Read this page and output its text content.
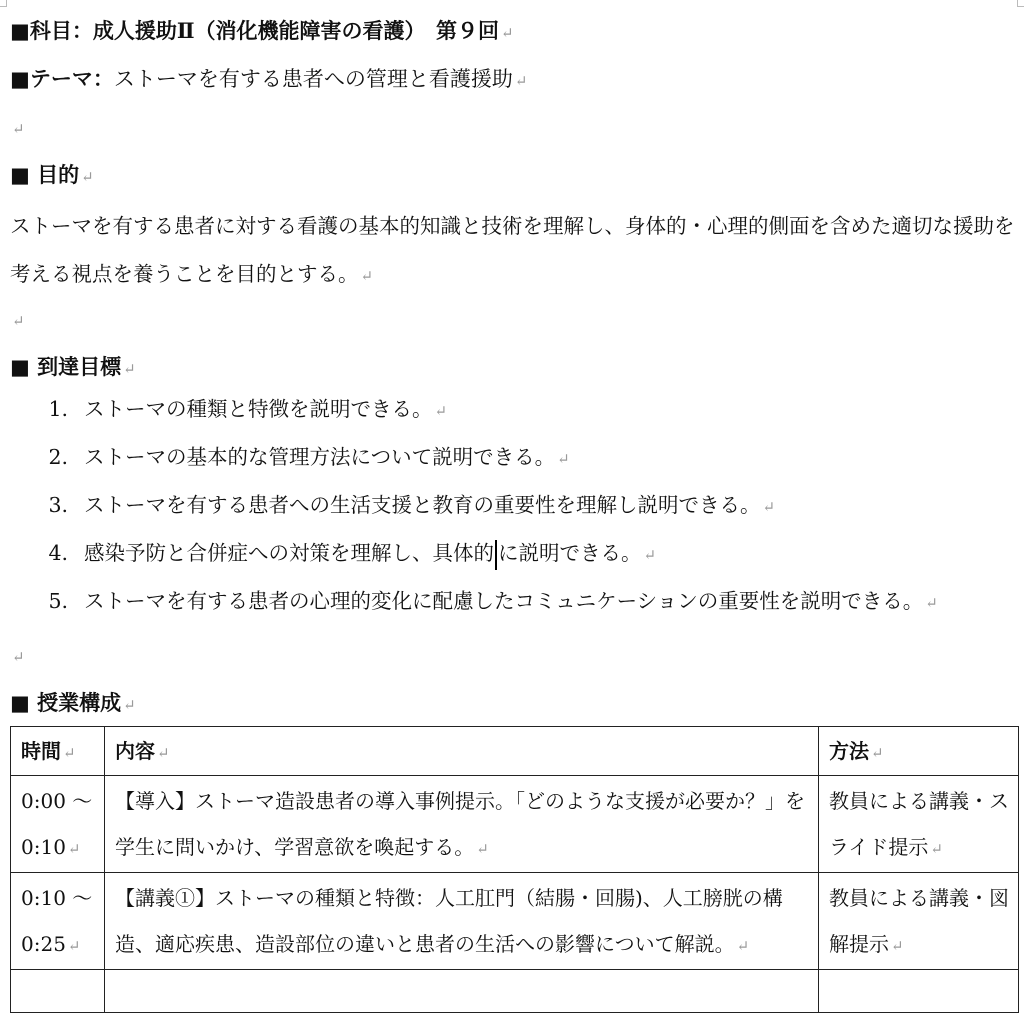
■科目：成人援助Ⅱ（消化機能障害の看護）　第９回 ↵
■テーマ：ストーマを有する患者への管理と看護援助 ↵
↵
■ 目的 ↵
ストーマを有する患者に対する看護の基本的知識と技術を理解し、身体的・心理的側面を含めた適切な援助を考える視点を養うことを目的とする。 ↵
↵
■ 到達目標 ↵
1. ストーマの種類と特徴を説明できる。 ↵
2. ストーマの基本的な管理方法について説明できる。 ↵
3. ストーマを有する患者への生活支援と教育の重要性を理解し説明できる。 ↵
4. 感染予防と合併症への対策を理解し、具体的 に説明できる。 ↵
5. ストーマを有する患者の心理的変化に配慮したコミュニケーションの重要性を説明できる。 ↵
↵
■ 授業構成 ↵
時間 ↵	内容 ↵	方法 ↵
0:00 ～ 0:10 ↵	【導入】ストーマ造設患者の導入事例提示。「どのような支援が必要か？」を学生に問いかけ、学習意欲を喚起する。 ↵	教員による講義・スライド提示 ↵
0:10 ～ 0:25 ↵	【講義①】ストーマの種類と特徴：人工肛門（結腸・回腸)、人工膀胱の構造、適応疾患、造設部位の違いと患者の生活への影響について解説。 ↵	教員による講義・図解提示 ↵
